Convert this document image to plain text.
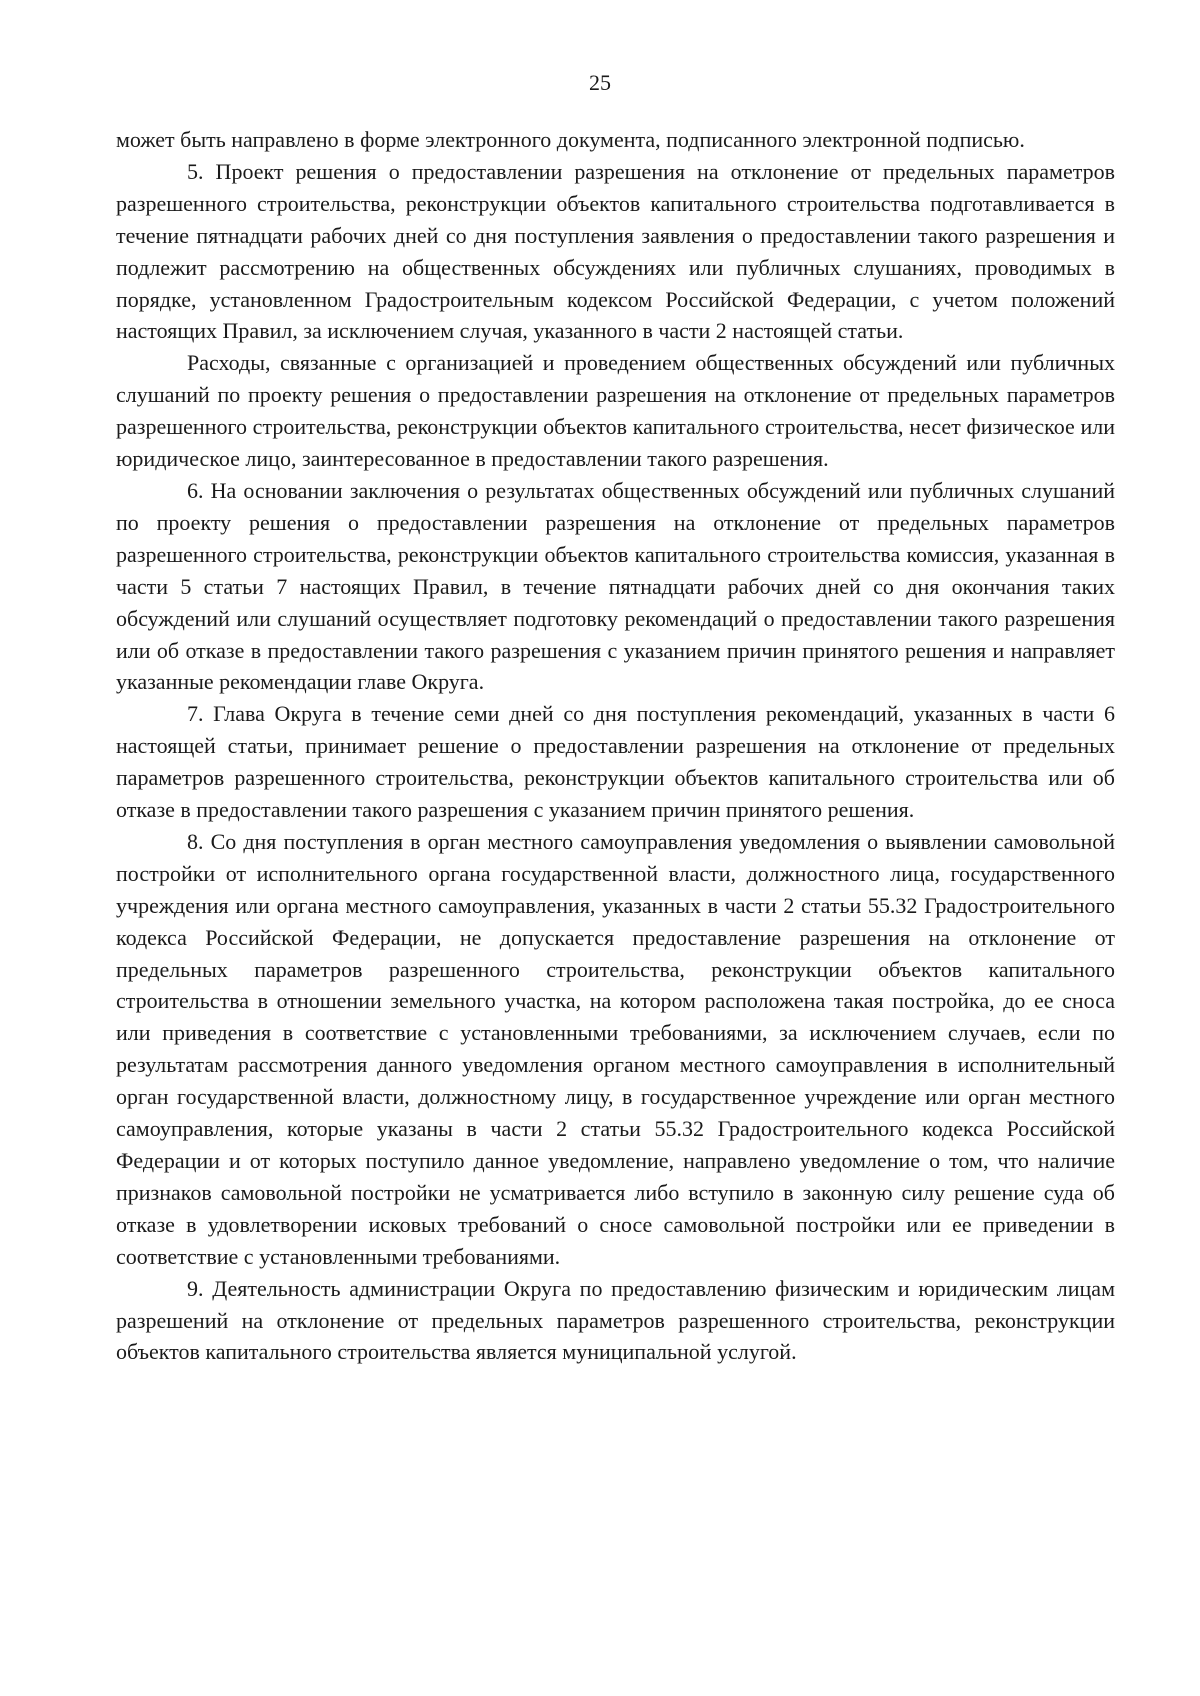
25

может быть направлено в форме электронного документа, подписанного электронной подписью.

5. Проект решения о предоставлении разрешения на отклонение от предельных параметров разрешенного строительства, реконструкции объектов капитального строительства подготавливается в течение пятнадцати рабочих дней со дня поступления заявления о предоставлении такого разрешения и подлежит рассмотрению на общественных обсуждениях или публичных слушаниях, проводимых в порядке, установленном Градостроительным кодексом Российской Федерации, с учетом положений настоящих Правил, за исключением случая, указанного в части 2 настоящей статьи.

Расходы, связанные с организацией и проведением общественных обсуждений или публичных слушаний по проекту решения о предоставлении разрешения на отклонение от предельных параметров разрешенного строительства, реконструкции объектов капитального строительства, несет физическое или юридическое лицо, заинтересованное в предоставлении такого разрешения.

6. На основании заключения о результатах общественных обсуждений или публичных слушаний по проекту решения о предоставлении разрешения на отклонение от предельных параметров разрешенного строительства, реконструкции объектов капитального строительства комиссия, указанная в части 5 статьи 7 настоящих Правил, в течение пятнадцати рабочих дней со дня окончания таких обсуждений или слушаний осуществляет подготовку рекомендаций о предоставлении такого разрешения или об отказе в предоставлении такого разрешения с указанием причин принятого решения и направляет указанные рекомендации главе Округа.

7. Глава Округа в течение семи дней со дня поступления рекомендаций, указанных в части 6 настоящей статьи, принимает решение о предоставлении разрешения на отклонение от предельных параметров разрешенного строительства, реконструкции объектов капитального строительства или об отказе в предоставлении такого разрешения с указанием причин принятого решения.

8. Со дня поступления в орган местного самоуправления уведомления о выявлении самовольной постройки от исполнительного органа государственной власти, должностного лица, государственного учреждения или органа местного самоуправления, указанных в части 2 статьи 55.32 Градостроительного кодекса Российской Федерации, не допускается предоставление разрешения на отклонение от предельных параметров разрешенного строительства, реконструкции объектов капитального строительства в отношении земельного участка, на котором расположена такая постройка, до ее сноса или приведения в соответствие с установленными требованиями, за исключением случаев, если по результатам рассмотрения данного уведомления органом местного самоуправления в исполнительный орган государственной власти, должностному лицу, в государственное учреждение или орган местного самоуправления, которые указаны в части 2 статьи 55.32 Градостроительного кодекса Российской Федерации и от которых поступило данное уведомление, направлено уведомление о том, что наличие признаков самовольной постройки не усматривается либо вступило в законную силу решение суда об отказе в удовлетворении исковых требований о сносе самовольной постройки или ее приведении в соответствие с установленными требованиями.

9. Деятельность администрации Округа по предоставлению физическим и юридическим лицам разрешений на отклонение от предельных параметров разрешенного строительства, реконструкции объектов капитального строительства является муниципальной услугой.
